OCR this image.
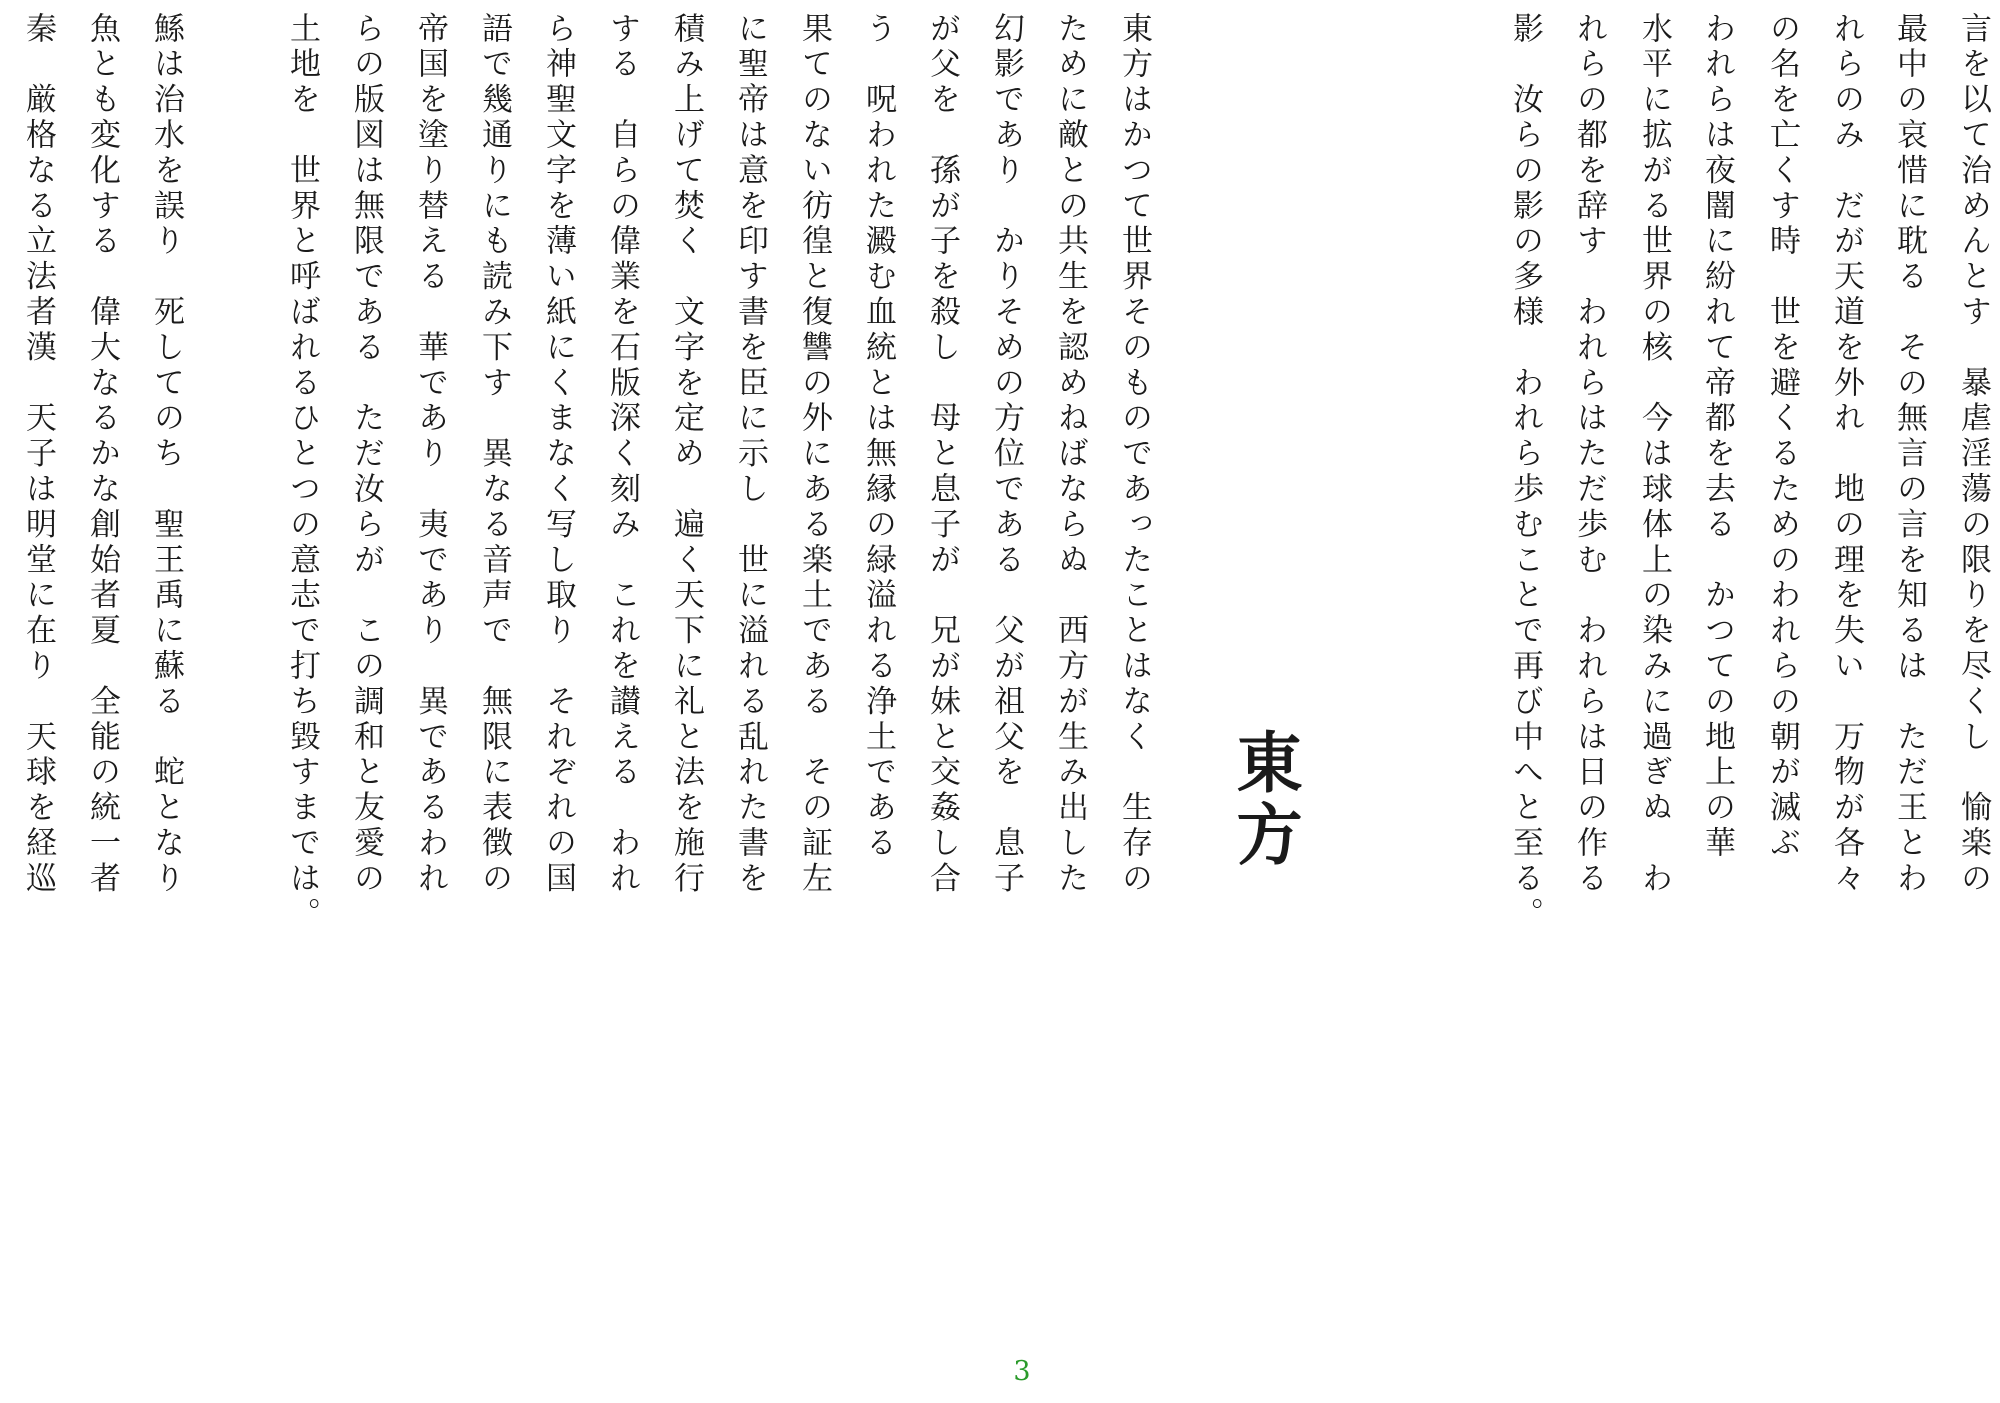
言を以て治めんとす　暴虐淫蕩の限りを尽くし　愉楽の
最中の哀惜に耽る　その無言の言を知るは　ただ王とわ
れらのみ　だが天道を外れ　地の理を失い　万物が各々
の名を亡くす時　世を避くるためのわれらの朝が滅ぶ
われらは夜闇に紛れて帝都を去る　かつての地上の華
水平に拡がる世界の核　今は球体上の染みに過ぎぬ　わ
れらの都を辞す　われらはただ歩む　われらは日の作る
影　汝らの影の多様　われら歩むことで再び中へと至る。
東方
東方はかつて世界そのものであったことはなく　生存の
ために敵との共生を認めねばならぬ　西方が生み出した
幻影であり　かりそめの方位である　父が祖父を　息子
が父を　孫が子を殺し　母と息子が　兄が妹と交姦し合
う　呪われた澱む血統とは無縁の緑溢れる浄土である
果てのない彷徨と復讐の外にある楽土である　その証左
に聖帝は意を印す書を臣に示し　世に溢れる乱れた書を
積み上げて焚く　文字を定め　遍く天下に礼と法を施行
する　自らの偉業を石版深く刻み　これを讃える　われ
ら神聖文字を薄い紙にくまなく写し取り　それぞれの国
語で幾通りにも読み下す　異なる音声で　無限に表徴の
帝国を塗り替える　華であり　夷であり　異であるわれ
らの版図は無限である　ただ汝らが　この調和と友愛の
土地を　世界と呼ばれるひとつの意志で打ち毀すまでは。
鯀は治水を誤り　死してのち　聖王禹に蘇る　蛇となり
魚とも変化する　偉大なるかな創始者夏　全能の統一者
秦　厳格なる立法者漢　天子は明堂に在り　天球を経巡
3
